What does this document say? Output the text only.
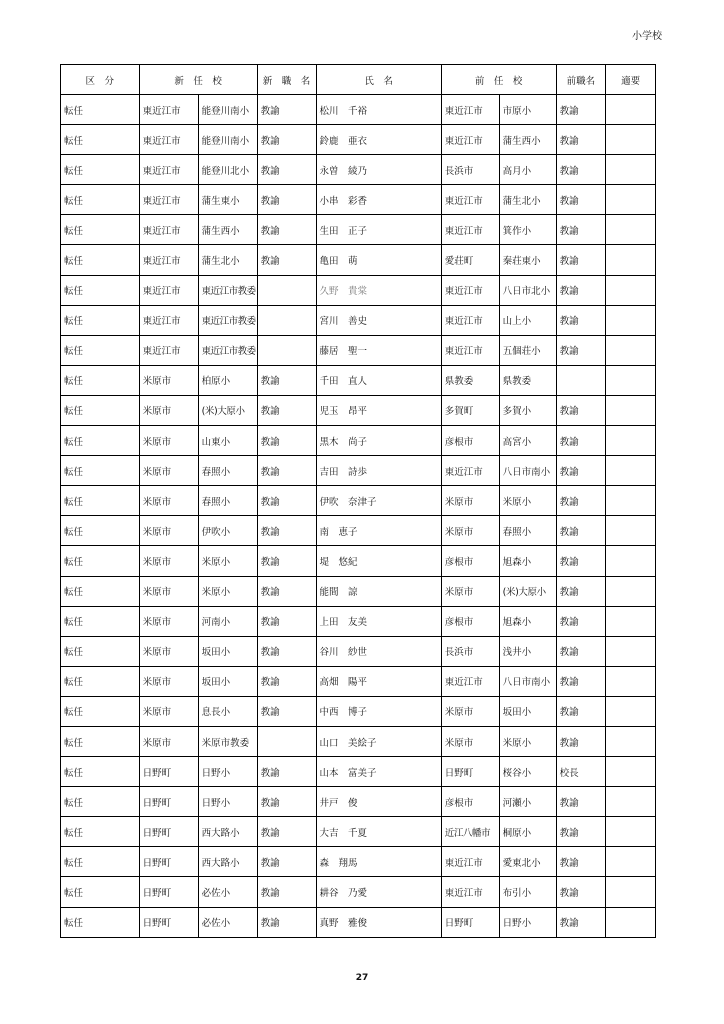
小学校
区　分	新　任　校		新　職　名	氏　名	前　任　校		前職名	適要
転任	東近江市	能登川南小	教諭	松川　千裕	東近江市	市原小	教諭	
転任	東近江市	能登川南小	教諭	鈴鹿　亜衣	東近江市	蒲生西小	教諭	
転任	東近江市	能登川北小	教諭	永曽　綾乃	長浜市	高月小	教諭	
転任	東近江市	蒲生東小	教諭	小串　彩香	東近江市	蒲生北小	教諭	
転任	東近江市	蒲生西小	教諭	生田　正子	東近江市	箕作小	教諭	
転任	東近江市	蒲生北小	教諭	亀田　萌	愛荘町	秦荘東小	教諭	
転任	東近江市	東近江市教委		久野　貴棠	東近江市	八日市北小	教諭	
転任	東近江市	東近江市教委		宮川　善史	東近江市	山上小	教諭	
転任	東近江市	東近江市教委		藤居　聖一	東近江市	五個荘小	教諭	
転任	米原市	柏原小	教諭	千田　直人	県教委	県教委		
転任	米原市	(米)大原小	教諭	児玉　昂平	多賀町	多賀小	教諭	
転任	米原市	山東小	教諭	黒木　尚子	彦根市	高宮小	教諭	
転任	米原市	春照小	教諭	吉田　詩歩	東近江市	八日市南小	教諭	
転任	米原市	春照小	教諭	伊吹　奈津子	米原市	米原小	教諭	
転任	米原市	伊吹小	教諭	南　恵子	米原市	春照小	教諭	
転任	米原市	米原小	教諭	堤　悠紀	彦根市	旭森小	教諭	
転任	米原市	米原小	教諭	能間　諒	米原市	(米)大原小	教諭	
転任	米原市	河南小	教諭	上田　友美	彦根市	旭森小	教諭	
転任	米原市	坂田小	教諭	谷川　紗世	長浜市	浅井小	教諭	
転任	米原市	坂田小	教諭	高畑　陽平	東近江市	八日市南小	教諭	
転任	米原市	息長小	教諭	中西　博子	米原市	坂田小	教諭	
転任	米原市	米原市教委		山口　美絵子	米原市	米原小	教諭	
転任	日野町	日野小	教諭	山本　富美子	日野町	桜谷小	校長	
転任	日野町	日野小	教諭	井戸　俊	彦根市	河瀬小	教諭	
転任	日野町	西大路小	教諭	大吉　千夏	近江八幡市	桐原小	教諭	
転任	日野町	西大路小	教諭	森　翔馬	東近江市	愛東北小	教諭	
転任	日野町	必佐小	教諭	耕谷　乃愛	東近江市	布引小	教諭	
転任	日野町	必佐小	教諭	真野　雅俊	日野町	日野小	教諭	
27
